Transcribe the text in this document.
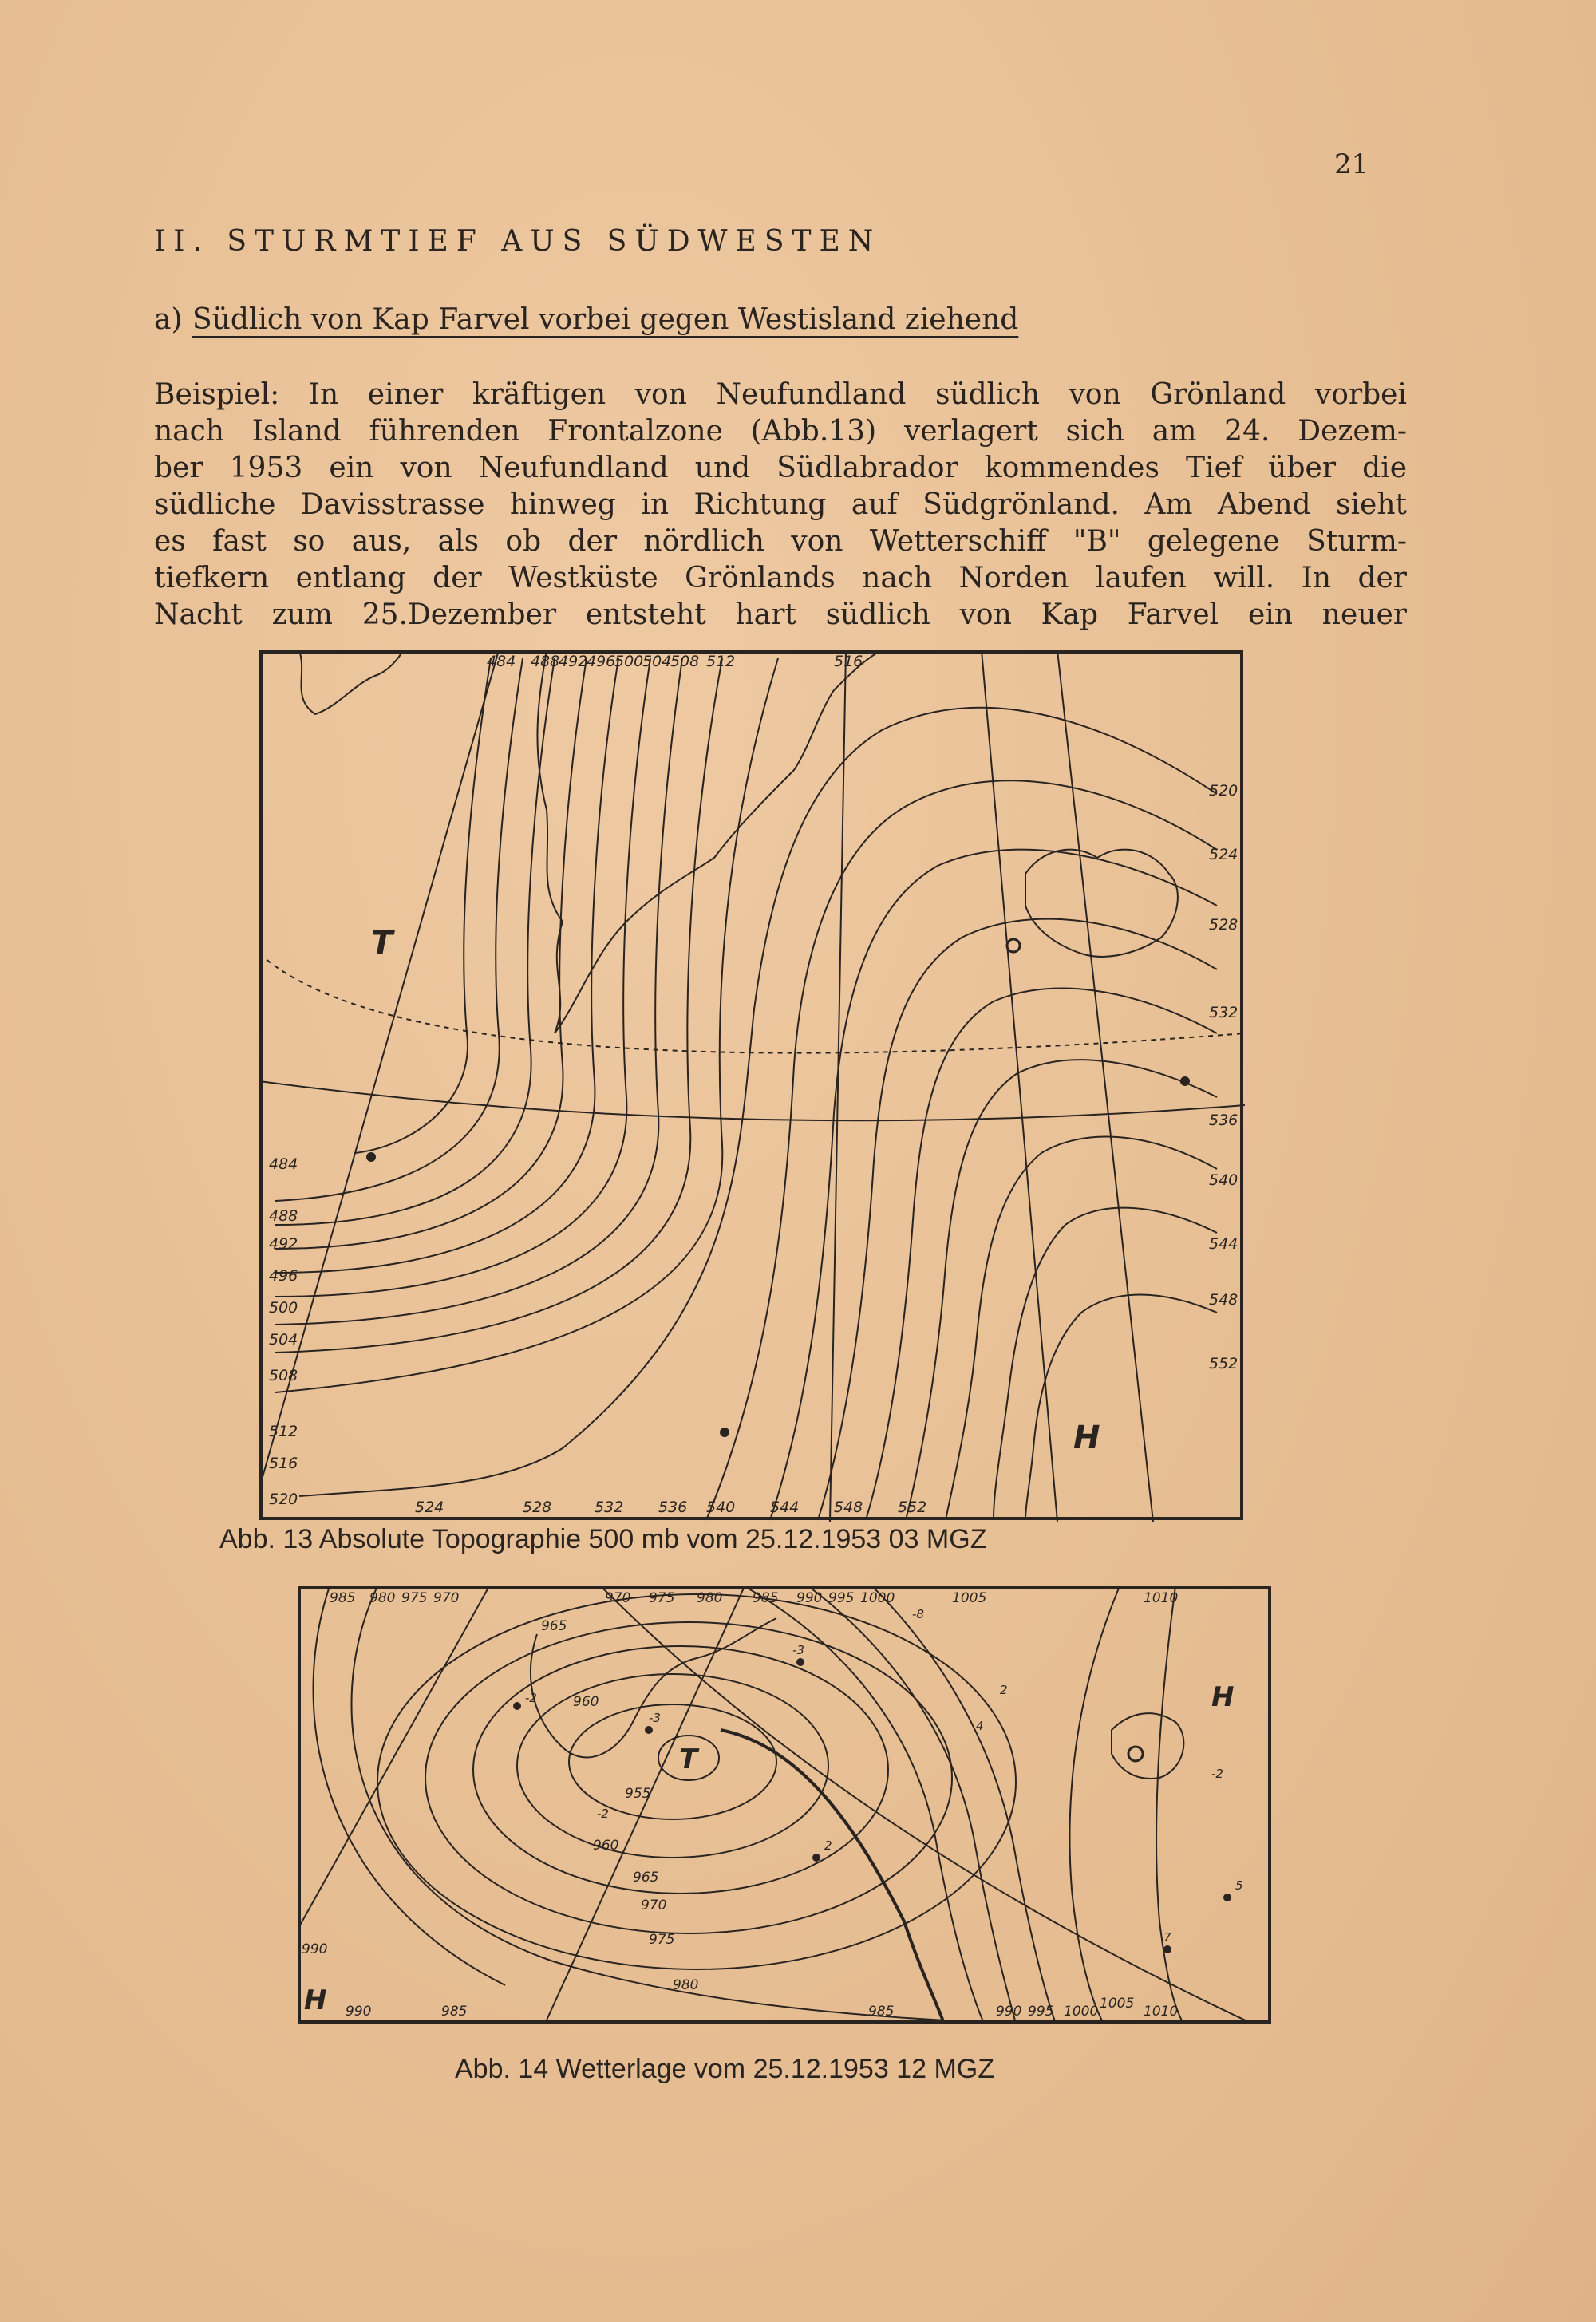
21
II. STURMTIEF AUS SÜDWESTEN
a) Südlich von Kap Farvel vorbei gegen Westisland ziehend
Beispiel: In einer kräftigen von Neufundland südlich von Grönland vorbei
nach Island führenden Frontalzone (Abb.13) verlagert sich am 24. Dezem-
ber 1953 ein von Neufundland und Südlabrador kommendes Tief über die
südliche Davisstrasse hinweg in Richtung auf Südgrönland. Am Abend sieht
es fast so aus, als ob der nördlich von Wetterschiff "B" gelegene Sturm-
tiefkern entlang der Westküste Grönlands nach Norden laufen will. In der
Nacht zum 25.Dezember entsteht hart südlich von Kap Farvel ein neuer
T
H
484 488
492
496
500
504
508 512	516
484
488
492
496
500
504
508
512
516
520	524	528	532 536 540 544 548 552
520
524
528
532
536
540
544
548
552
Abb. 13 Absolute Topographie 500 mb vom 25.12.1953 03 MGZ
T
H
H
985 980 975 970	970 975 980 985 990 995 1000	1005	1010
965
960
955
960
965
970
975
980
990	985	985	990 995 1000 1005 1010
990
-2
-3
-3
2
-2
-8
4
2
5
7
-2
Abb. 14 Wetterlage vom 25.12.1953 12 MGZ
